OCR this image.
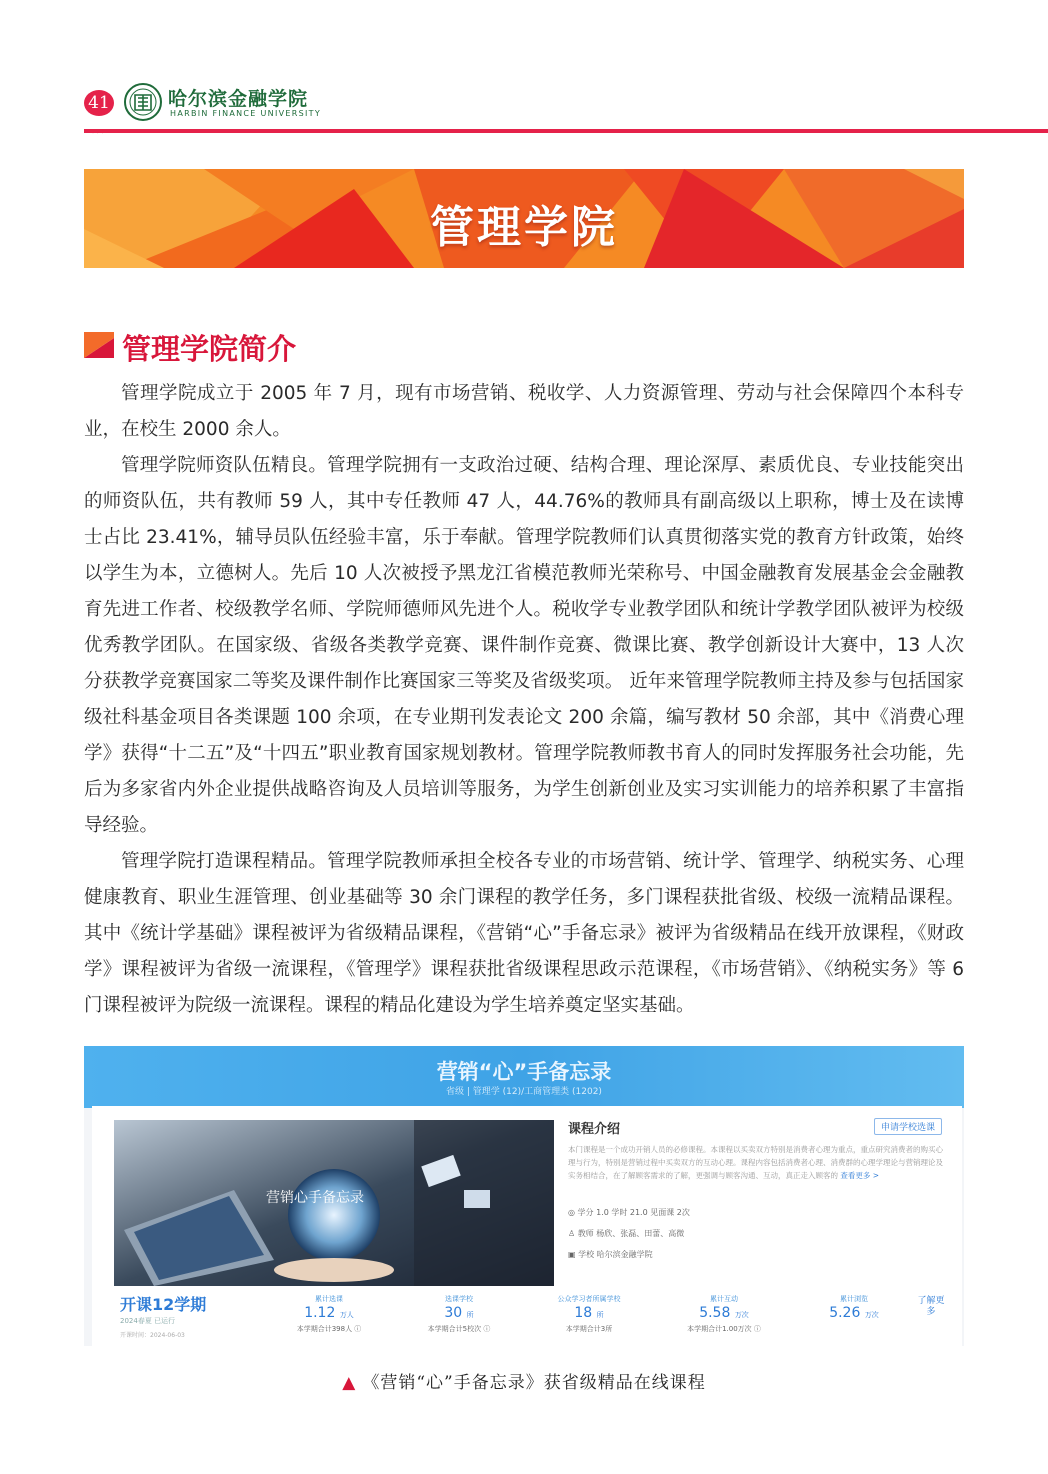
41	哈尔滨金融学院
HARBIN FINANCE UNIVERSITY
›››
管理学院
管理学院简介

管理学院成立于 2005 年 7 月，现有市场营销、税收学、人力资源管理、劳动与社会保障四个本科专业，在校生 2000 余人。

管理学院师资队伍精良。管理学院拥有一支政治过硬、结构合理、理论深厚、素质优良、专业技能突出的师资队伍，共有教师 59 人，其中专任教师 47 人，44.76%的教师具有副高级以上职称，博士及在读博士占比 23.41%，辅导员队伍经验丰富，乐于奉献。管理学院教师们认真贯彻落实党的教育方针政策，始终以学生为本，立德树人。先后 10 人次被授予黑龙江省模范教师光荣称号、中国金融教育发展基金会金融教育先进工作者、校级教学名师、学院师德师风先进个人。税收学专业教学团队和统计学教学团队被评为校级优秀教学团队。在国家级、省级各类教学竞赛、课件制作竞赛、微课比赛、教学创新设计大赛中，13 人次分获教学竞赛国家二等奖及课件制作比赛国家三等奖及省级奖项。 近年来管理学院教师主持及参与包括国家级社科基金项目各类课题 100 余项，在专业期刊发表论文 200 余篇，编写教材 50 余部，其中《消费心理学》获得“十二五”及“十四五”职业教育国家规划教材。管理学院教师教书育人的同时发挥服务社会功能，先后为多家省内外企业提供战略咨询及人员培训等服务，为学生创新创业及实习实训能力的培养积累了丰富指导经验。

管理学院打造课程精品。管理学院教师承担全校各专业的市场营销、统计学、管理学、纳税实务、心理健康教育、职业生涯管理、创业基础等 30 余门课程的教学任务，多门课程获批省级、校级一流精品课程。其中《统计学基础》课程被评为省级精品课程，《营销“心”手备忘录》被评为省级精品在线开放课程，《财政学》课程被评为省级一流课程，《管理学》课程获批省级课程思政示范课程，《市场营销》、《纳税实务》等 6 门课程被评为院级一流课程。课程的精品化建设为学生培养奠定坚实基础。

营销“心”手备忘录
省级 | 管理学 (12)/工商管理类 (1202)
营销心手备忘录
课程介绍	申请学校选课
本门课程是一个成功开销人员的必修课程。本课程以买卖双方特别是消费者心理为重点，重点研究消费者的购买心理与行为，特别是营销过程中买卖双方的互动心理。课程内容包括消费者心理、消费群的心理学理论与营销理论及实务相结合，在了解顾客需求的了解，更强调与顾客沟通、互动，真正走入顾客的 查看更多 >
◎ 学分 1.0 学时 21.0 见面课 2次
♙ 教师 杨欣、张磊、田蕾、高微
▣ 学校 哈尔滨金融学院
开课12学期
2024春夏 已运行
开课时间：2024-06-03
累计选课
1.12 万人
本学期合计398人 ⓘ
选课学校
30 所
本学期合计5校次 ⓘ
公众学习者所属学校
18 所
本学期合计3所
累计互动
5.58 万次
本学期合计1.00万次 ⓘ
累计浏览
5.26 万次
了解更多
▲ 《营销“心”手备忘录》获省级精品在线课程
